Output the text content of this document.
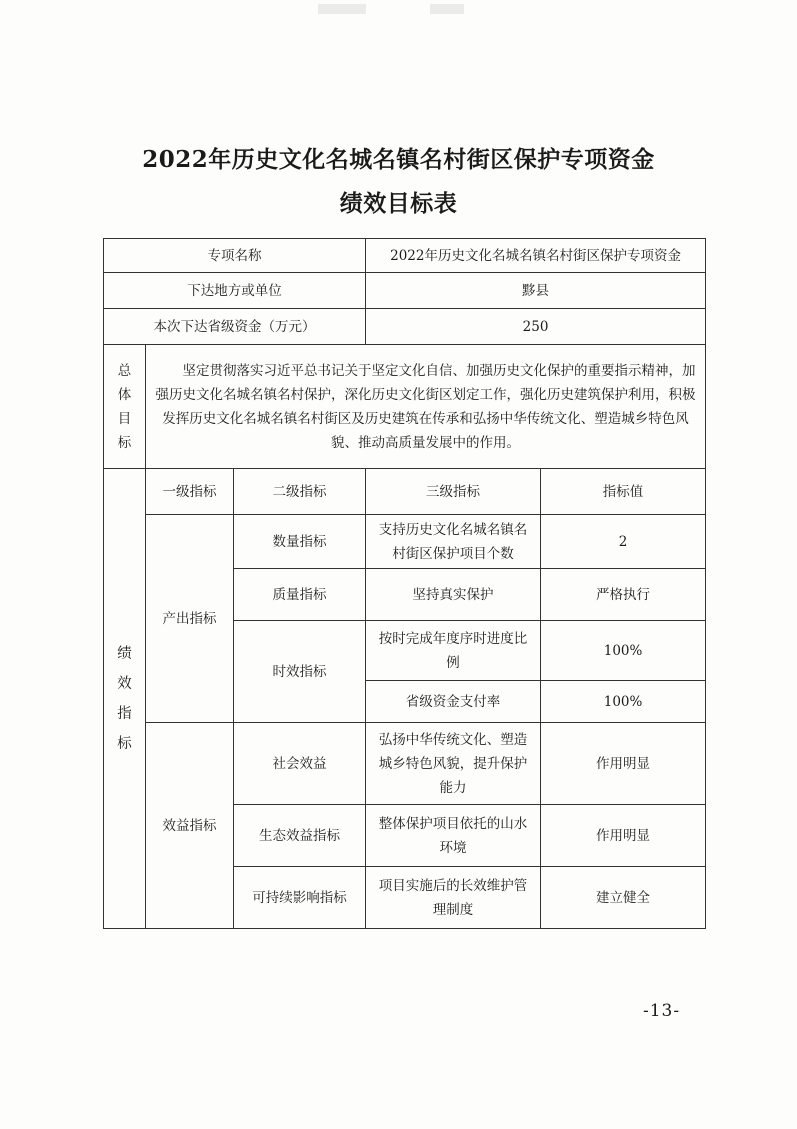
2022年历史文化名城名镇名村街区保护专项资金
绩效目标表
专项名称			2022年历史文化名城名镇名村街区保护专项资金	
下达地方或单位			黟县	
本次下达省级资金（万元）			250	
总
体
目
标	坚定贯彻落实习近平总书记关于坚定文化自信、加强历史文化保护的重要指示精神，加强历史文化名城名镇名村保护，深化历史文化街区划定工作，强化历史建筑保护利用，积极发挥历史文化名城名镇名村街区及历史建筑在传承和弘扬中华传统文化、塑造城乡特色风貌、推动高质量发展中的作用。			
绩
效
指
标	一级指标	二级指标	三级指标	指标值
	产出指标	数量指标	支持历史文化名城名镇名村街区保护项目个数	2
		质量指标	坚持真实保护	严格执行
		时效指标	按时完成年度序时进度比例	100%
			省级资金支付率	100%
	效益指标	社会效益	弘扬中华传统文化、塑造城乡特色风貌，提升保护能力	作用明显
		生态效益指标	整体保护项目依托的山水环境	作用明显
		可持续影响指标	项目实施后的长效维护管理制度	建立健全
-13-
